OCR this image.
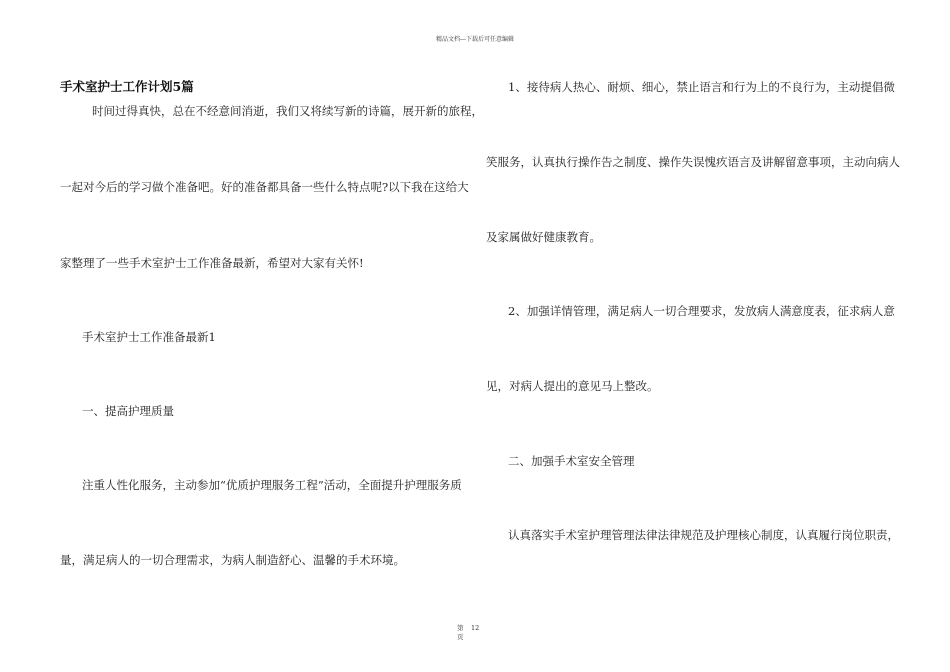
精品文档---下载后可任意编辑
手术室护士工作计划5篇
时间过得真快，总在不经意间消逝，我们又将续写新的诗篇，展开新的旅程，
一起对今后的学习做个准备吧。好的准备都具备一些什么特点呢?以下我在这给大
家整理了一些手术室护士工作准备最新，希望对大家有关怀!
手术室护士工作准备最新1
一、提高护理质量
注重人性化服务，主动参加“优质护理服务工程”活动，全面提升护理服务质
量，满足病人的一切合理需求，为病人制造舒心、温馨的手术环境。
1、接待病人热心、耐烦、细心，禁止语言和行为上的不良行为，主动提倡微
笑服务，认真执行操作告之制度、操作失误愧疚语言及讲解留意事项，主动向病人
及家属做好健康教育。
2、加强详情管理，满足病人一切合理要求，发放病人满意度表，征求病人意
见，对病人提出的意见马上整改。
二、加强手术室安全管理
认真落实手术室护理管理法律法律规范及护理核心制度，认真履行岗位职责，
第 12
页
